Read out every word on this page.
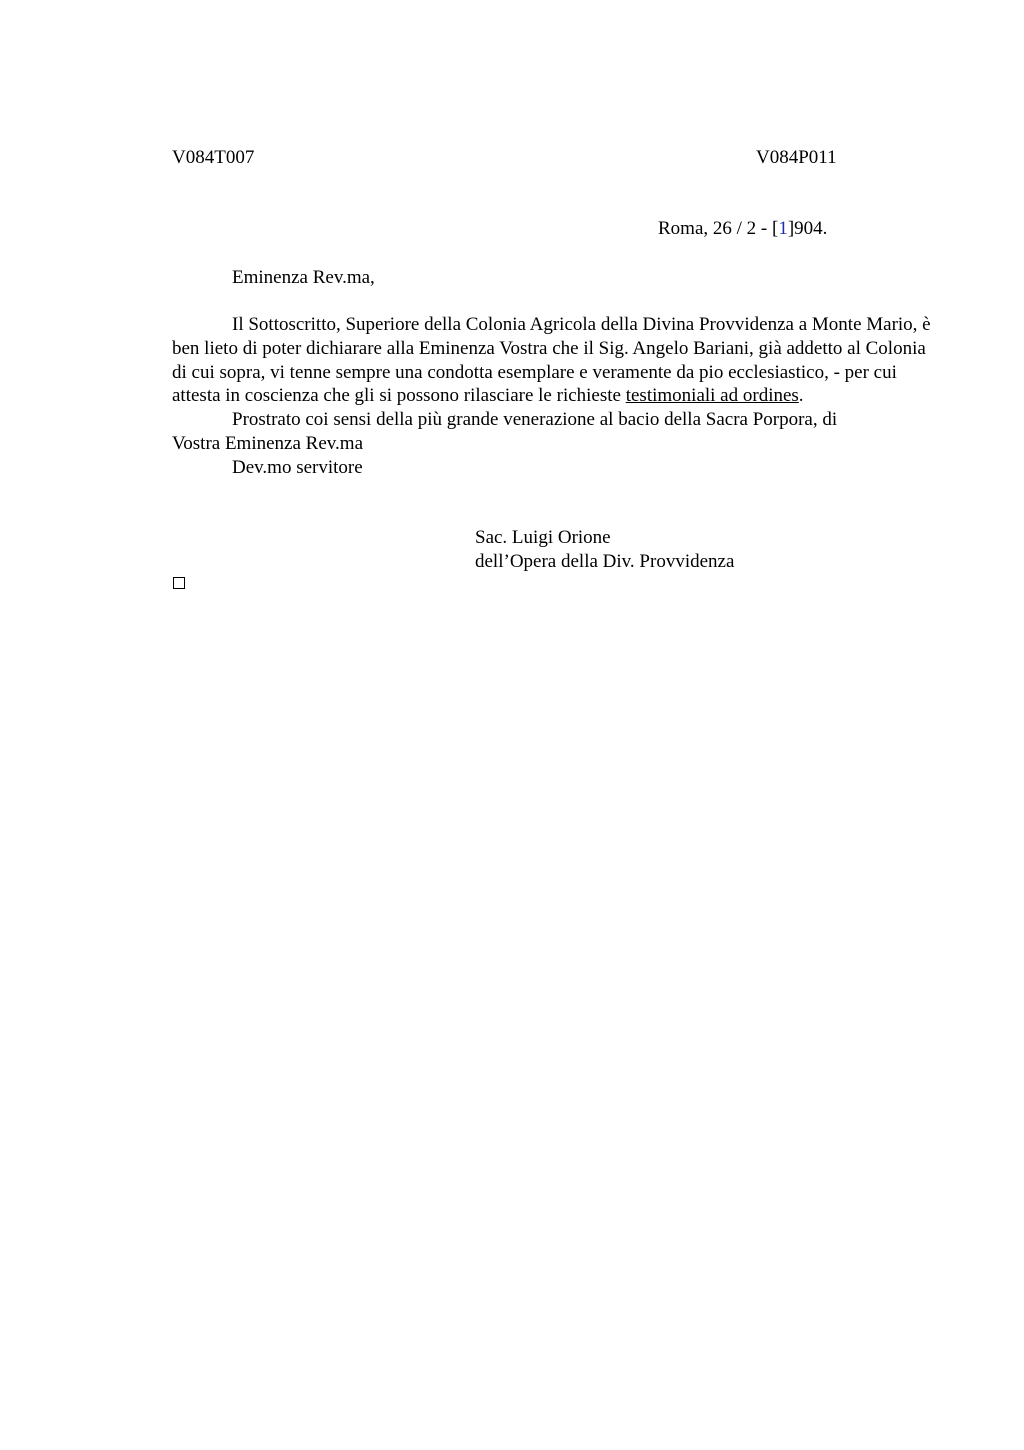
V084T007	V084P011
Roma, 26 / 2 - [1]904.
Eminenza Rev.ma,

Il Sottoscritto, Superiore della Colonia Agricola della Divina Provvidenza a Monte Mario, è ben lieto di poter dichiarare alla Eminenza Vostra che il Sig. Angelo Bariani, già addetto al Colonia di cui sopra, vi tenne sempre una condotta esemplare e veramente da pio ecclesiastico, - per cui attesta in coscienza che gli si possono rilasciare le richieste testimoniali ad ordines.

Prostrato coi sensi della più grande venerazione al bacio della Sacra Porpora, di

Vostra Eminenza Rev.ma

Dev.mo servitore

Sac. Luigi Orione
dell’Opera della Div. Provvidenza
